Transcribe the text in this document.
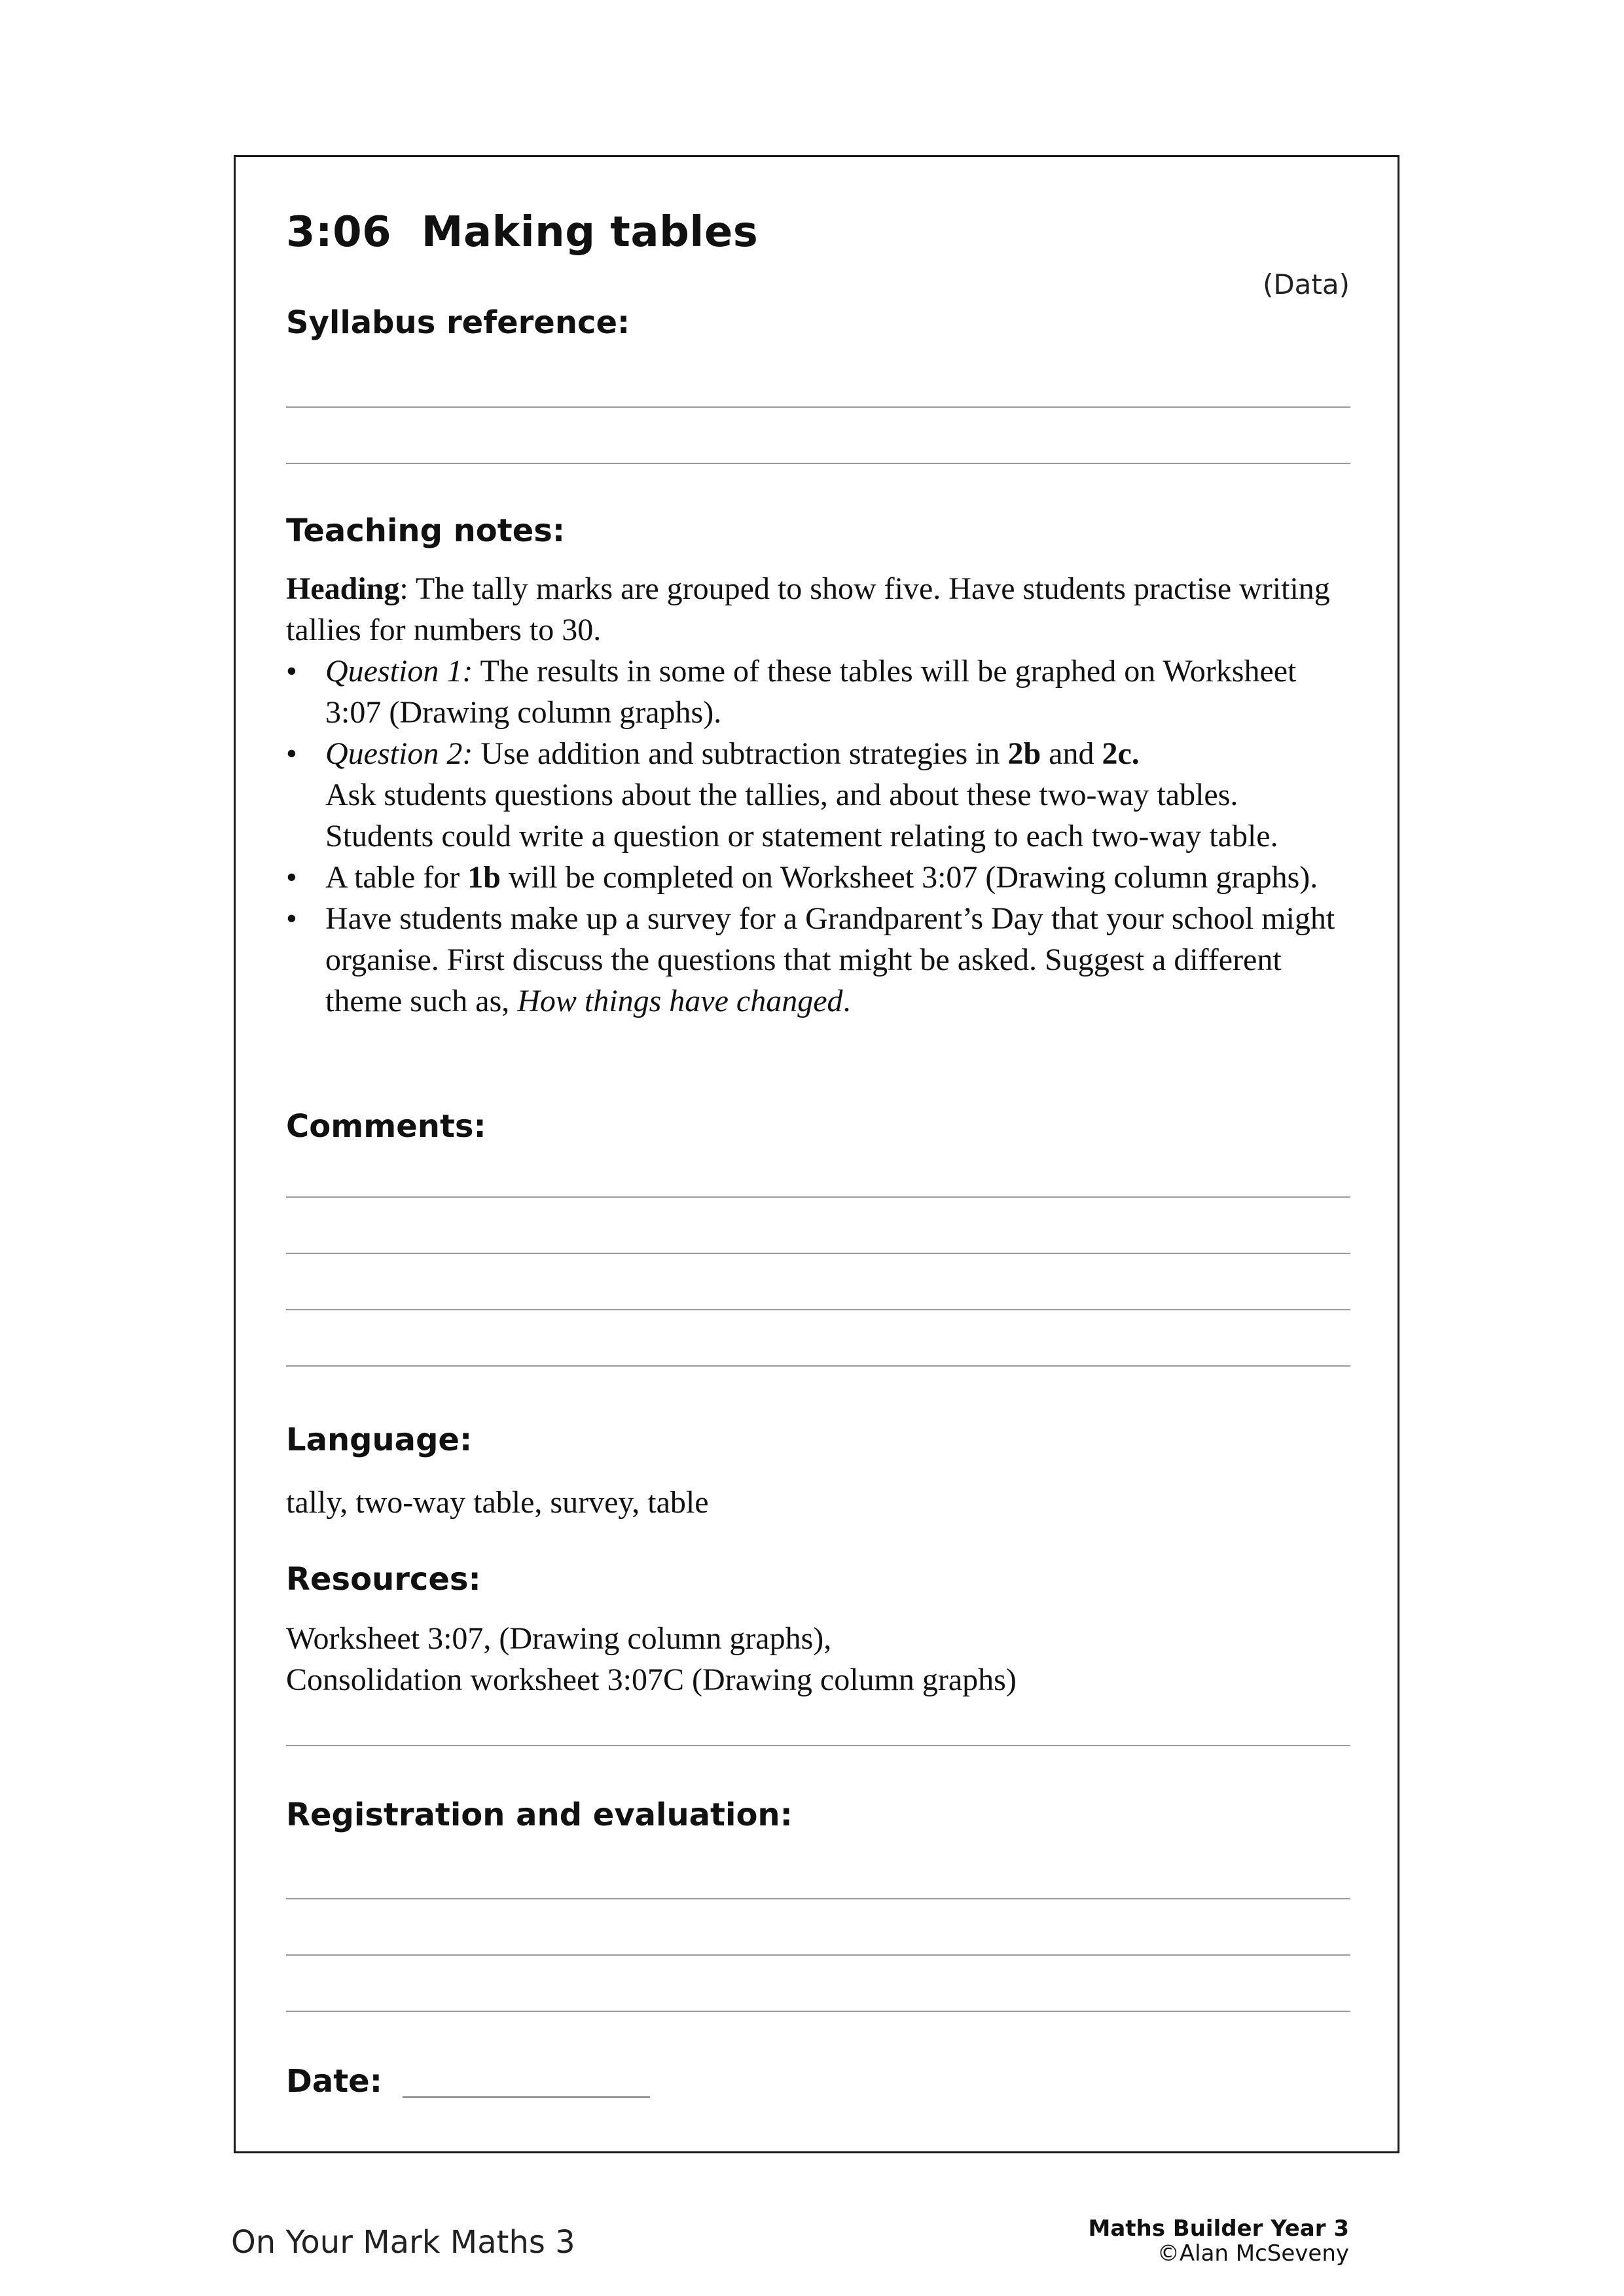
3:06 Making tables
(Data)
Syllabus reference:
Teaching notes:

Heading: The tally marks are grouped to show five. Have students practise writing tallies for numbers to 30.

• Question 1: The results in some of these tables will be graphed on Worksheet 3:07 (Drawing column graphs).
• Question 2: Use addition and subtraction strategies in 2b and 2c.
Ask students questions about the tallies, and about these two-way tables.
Students could write a question or statement relating to each two-way table.
• A table for 1b will be completed on Worksheet 3:07 (Drawing column graphs).
• Have students make up a survey for a Grandparent’s Day that your school might organise. First discuss the questions that might be asked. Suggest a different theme such as, How things have changed.
Comments:
Language:
tally, two-way table, survey, table
Resources:

Worksheet 3:07, (Drawing column graphs),

Consolidation worksheet 3:07C (Drawing column graphs)

Registration and evaluation:
Date:
On Your Mark Maths 3	Maths Builder Year 3
©Alan McSeveny
